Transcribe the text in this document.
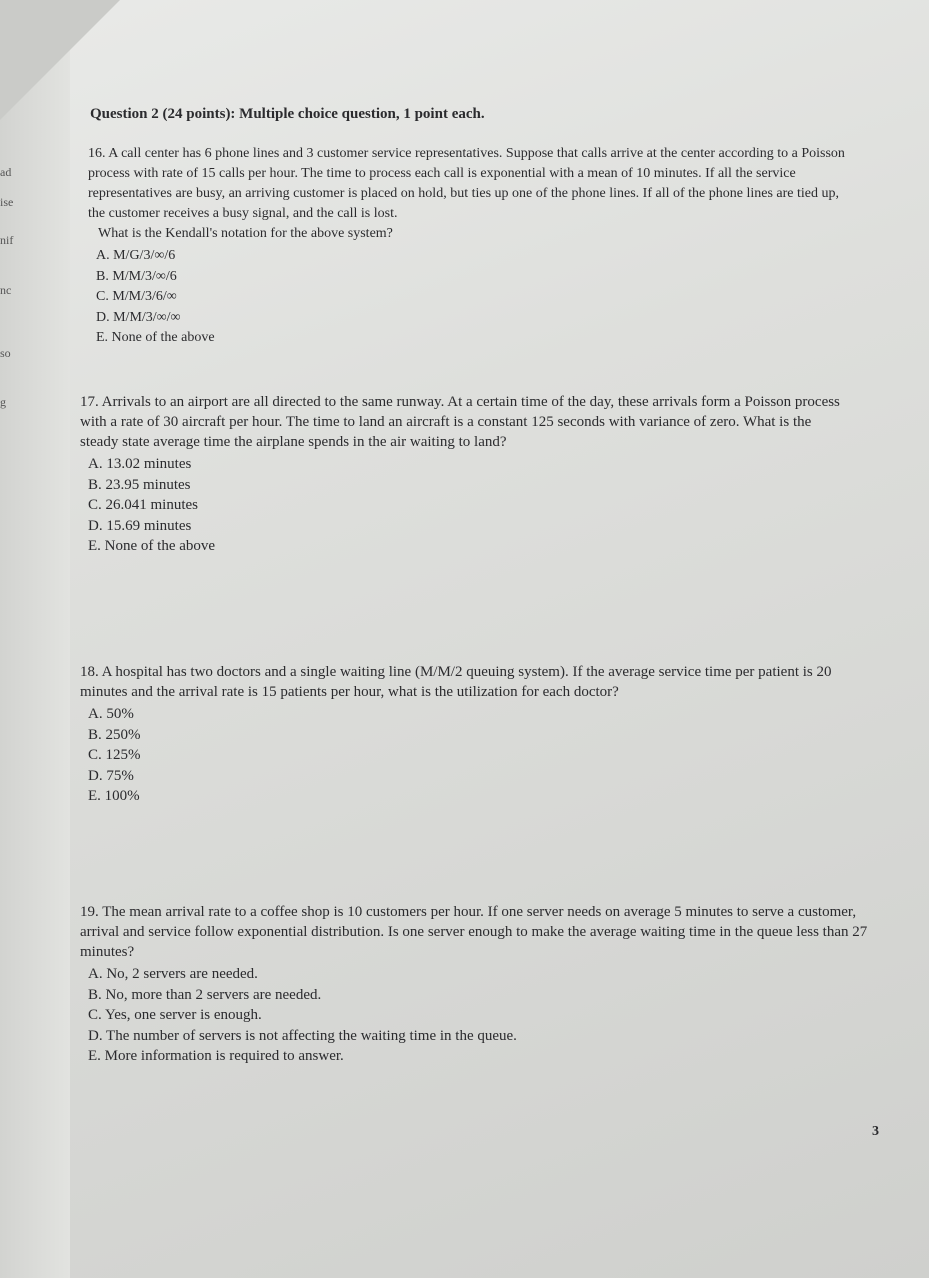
ad
ise
nif
nc
so
g
Question 2 (24 points): Multiple choice question, 1 point each.

16. A call center has 6 phone lines and 3 customer service representatives. Suppose that calls arrive at the center according to a Poisson process with rate of 15 calls per hour. The time to process each call is exponential with a mean of 10 minutes. If all the service representatives are busy, an arriving customer is placed on hold, but ties up one of the phone lines. If all of the phone lines are tied up, the customer receives a busy signal, and the call is lost.
What is the Kendall's notation for the above system?

A. M/G/3/∞/6
B. M/M/3/∞/6
C. M/M/3/6/∞
D. M/M/3/∞/∞
E. None of the above

17. Arrivals to an airport are all directed to the same runway. At a certain time of the day, these arrivals form a Poisson process with a rate of 30 aircraft per hour. The time to land an aircraft is a constant 125 seconds with variance of zero. What is the steady state average time the airplane spends in the air waiting to land?

A. 13.02 minutes
B. 23.95 minutes
C. 26.041 minutes
D. 15.69 minutes
E. None of the above

18. A hospital has two doctors and a single waiting line (M/M/2 queuing system). If the average service time per patient is 20 minutes and the arrival rate is 15 patients per hour, what is the utilization for each doctor?

A. 50%
B. 250%
C. 125%
D. 75%
E. 100%

19. The mean arrival rate to a coffee shop is 10 customers per hour. If one server needs on average 5 minutes to serve a customer, arrival and service follow exponential distribution. Is one server enough to make the average waiting time in the queue less than 27 minutes?

A. No, 2 servers are needed.
B. No, more than 2 servers are needed.
C. Yes, one server is enough.
D. The number of servers is not affecting the waiting time in the queue.
E. More information is required to answer.
3
